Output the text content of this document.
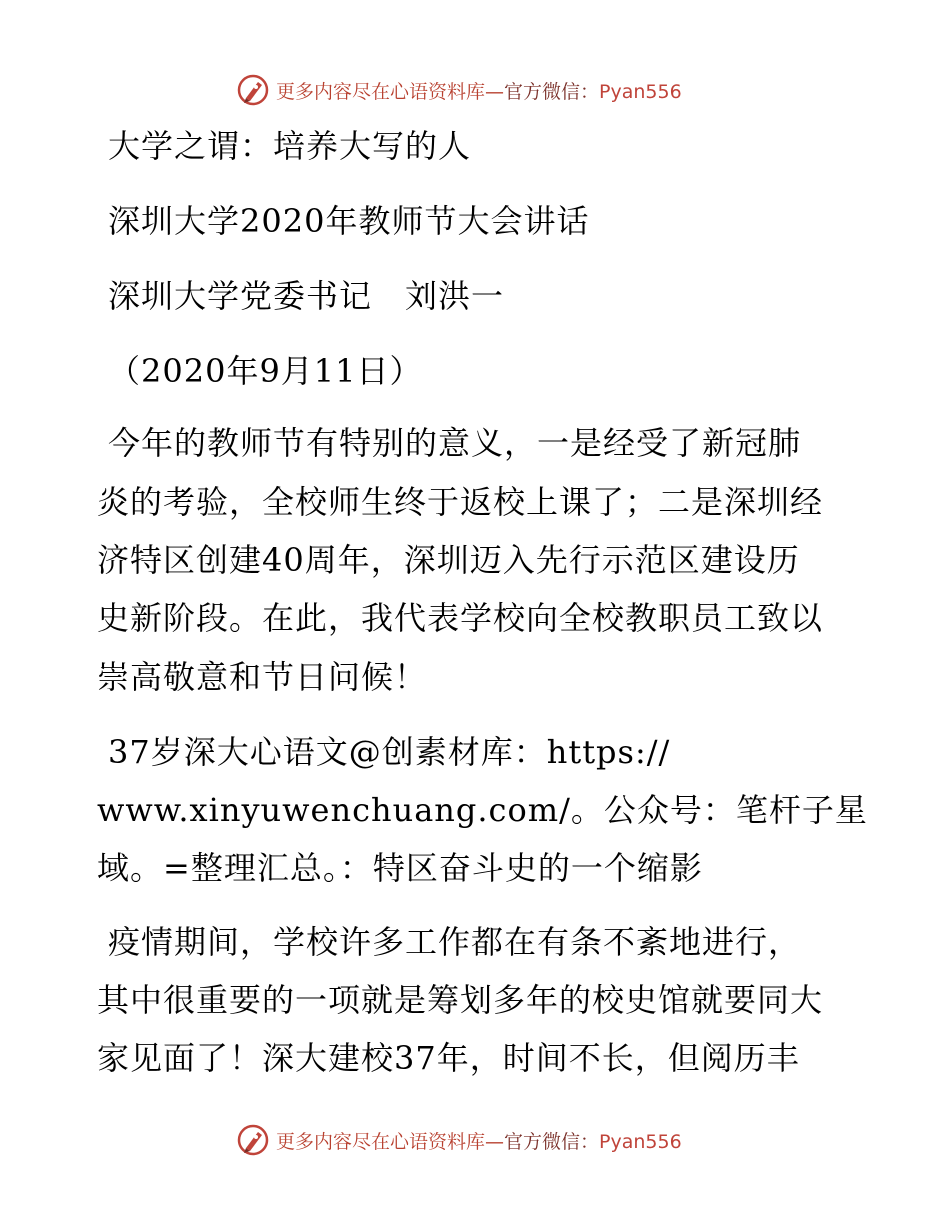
更多内容尽在心语资料库—官方微信：Pyan556
大学之谓：培养大写的人
深圳大学2020年教师节大会讲话
深圳大学党委书记　刘洪一
（2020年9月11日）
今年的教师节有特别的意义，一是经受了新冠肺
炎的考验，全校师生终于返校上课了；二是深圳经
济特区创建40周年，深圳迈入先行示范区建设历
史新阶段。在此，我代表学校向全校教职员工致以
崇高敬意和节日问候！
37岁深大心语文@创素材库：https://
www.xinyuwenchuang.com/。公众号：笔杆子星
域。=整理汇总。：特区奋斗史的一个缩影
疫情期间，学校许多工作都在有条不紊地进行，
其中很重要的一项就是筹划多年的校史馆就要同大
家见面了！深大建校37年，时间不长，但阅历丰
更多内容尽在心语资料库—官方微信：Pyan556
